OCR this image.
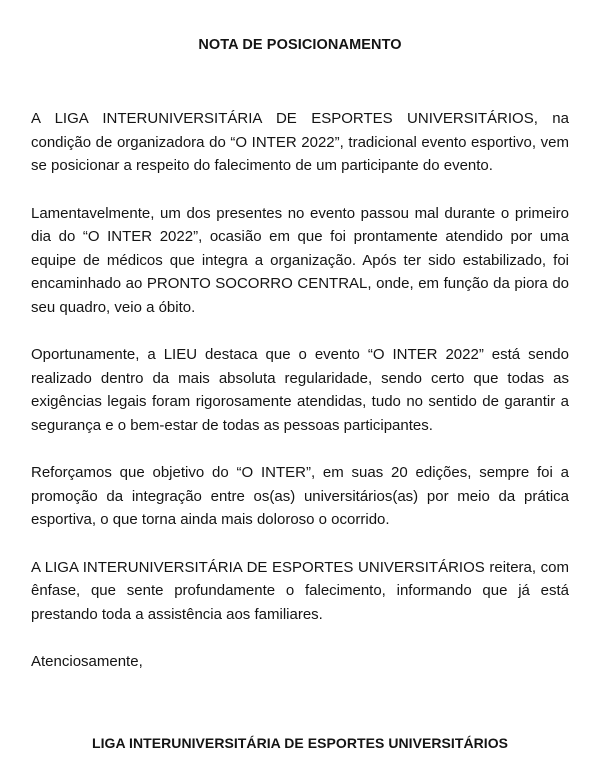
NOTA DE POSICIONAMENTO

A LIGA INTERUNIVERSITÁRIA DE ESPORTES UNIVERSITÁRIOS, na condição de organizadora do “O INTER 2022”, tradicional evento esportivo, vem se posicionar a respeito do falecimento de um participante do evento.

Lamentavelmente, um dos presentes no evento passou mal durante o primeiro dia do “O INTER 2022”, ocasião em que foi prontamente atendido por uma equipe de médicos que integra a organização. Após ter sido estabilizado, foi encaminhado ao PRONTO SOCORRO CENTRAL, onde, em função da piora do seu quadro, veio a óbito.

Oportunamente, a LIEU destaca que o evento “O INTER 2022” está sendo realizado dentro da mais absoluta regularidade, sendo certo que todas as exigências legais foram rigorosamente atendidas, tudo no sentido de garantir a segurança e o bem-estar de todas as pessoas participantes.

Reforçamos que objetivo do “O INTER”, em suas 20 edições, sempre foi a promoção da integração entre os(as) universitários(as) por meio da prática esportiva, o que torna ainda mais doloroso o ocorrido.

A LIGA INTERUNIVERSITÁRIA DE ESPORTES UNIVERSITÁRIOS reitera, com ênfase, que sente profundamente o falecimento, informando que já está prestando toda a assistência aos familiares.

Atenciosamente,

LIGA INTERUNIVERSITÁRIA DE ESPORTES UNIVERSITÁRIOS
